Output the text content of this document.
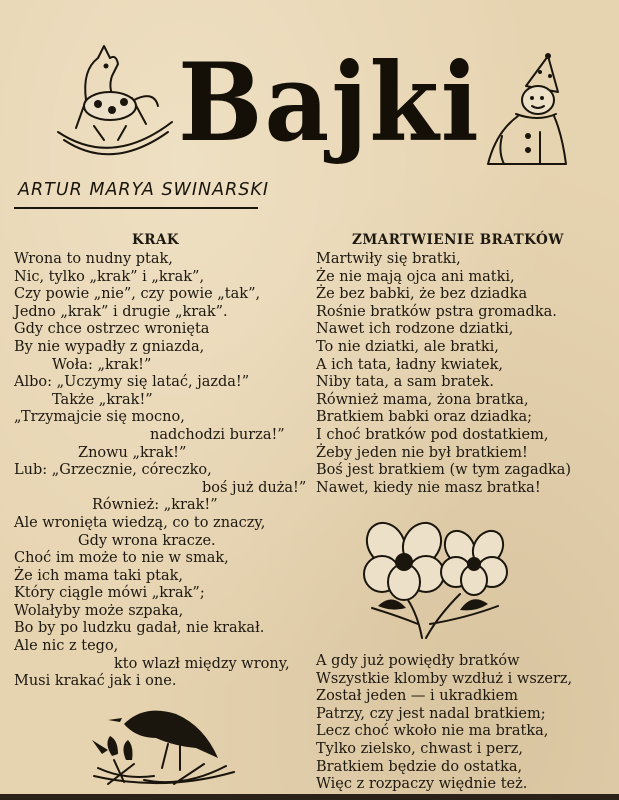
Bajki
ARTUR MARYA SWINARSKI
KRAK
Wrona to nudny ptak,
Nic, tylko „krak” i „krak”,
Czy powie „nie”, czy powie „tak”,
Jedno „krak” i drugie „krak”.
Gdy chce ostrzec wronięta
By nie wypadły z gniazda,
Woła: „krak!”
Albo: „Uczymy się latać, jazda!”
Także „krak!”
„Trzymajcie się mocno,
nadchodzi burza!”
Znowu „krak!”
Lub: „Grzecznie, córeczko,
boś już duża!”
Również: „krak!”
Ale wronięta wiedzą, co to znaczy,
Gdy wrona kracze.
Choć im może to nie w smak,
Że ich mama taki ptak,
Który ciągle mówi „krak”;
Wolałyby może szpaka,
Bo by po ludzku gadał, nie krakał.
Ale nic z tego,
kto wlazł między wrony,
Musi krakać jak i one.
ZMARTWIENIE BRATKÓW
Martwiły się bratki,
Że nie mają ojca ani matki,
Że bez babki, że bez dziadka
Rośnie bratków pstra gromadka.
Nawet ich rodzone dziatki,
To nie dziatki, ale bratki,
A ich tata, ładny kwiatek,
Niby tata, a sam bratek.
Również mama, żona bratka,
Bratkiem babki oraz dziadka;
I choć bratków pod dostatkiem,
Żeby jeden nie był bratkiem!
Boś jest bratkiem (w tym zagadka)
Nawet, kiedy nie masz bratka!
A gdy już powiędły bratków
Wszystkie klomby wzdłuż i wszerz,
Został jeden — i ukradkiem
Patrzy, czy jest nadal bratkiem;
Lecz choć wkoło nie ma bratka,
Tylko zielsko, chwast i perz,
Bratkiem będzie do ostatka,
Więc z rozpaczy więdnie też.
